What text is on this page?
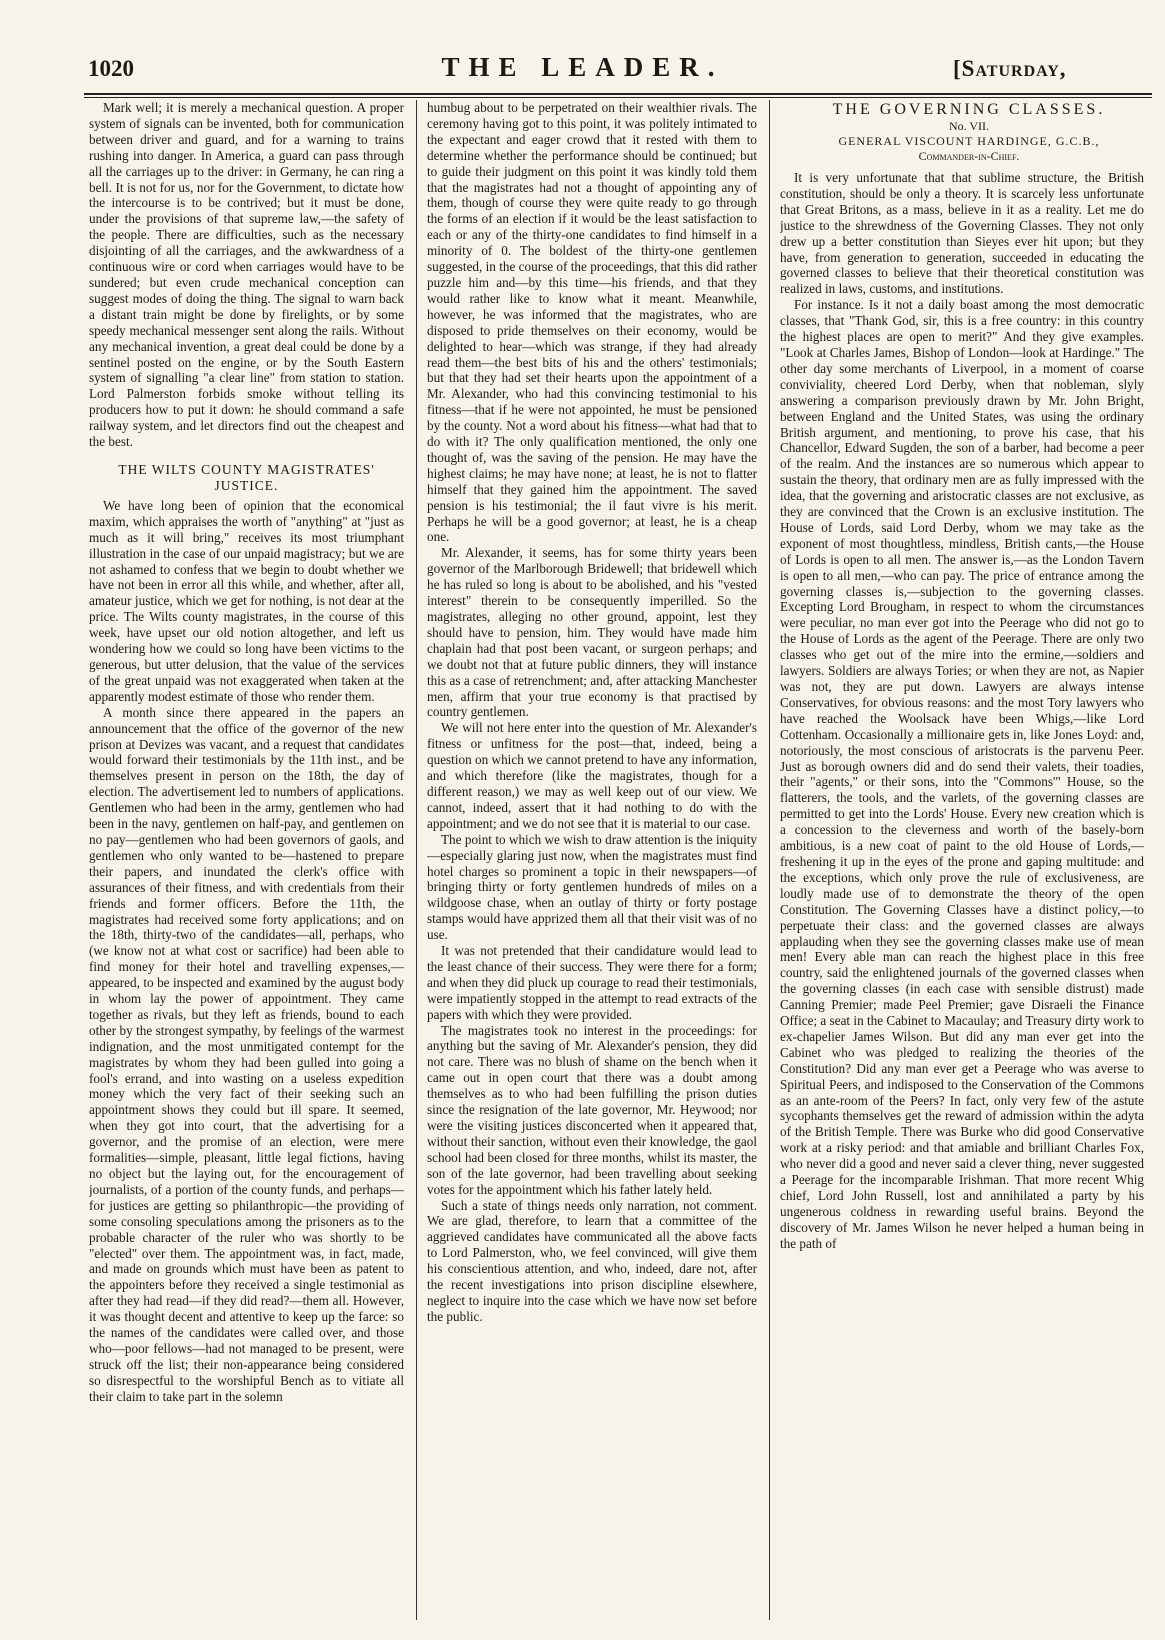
THE LEADER.
1020	[Saturday,

Mark well; it is merely a mechanical question. A proper system of signals can be invented, both for communication between driver and guard, and for a warning to trains rushing into danger. In America, a guard can pass through all the carriages up to the driver: in Germany, he can ring a bell. It is not for us, nor for the Government, to dictate how the intercourse is to be contrived; but it must be done, under the provisions of that supreme law,—the safety of the people. There are difficulties, such as the necessary disjointing of all the carriages, and the awkwardness of a continuous wire or cord when carriages would have to be sundered; but even crude mechanical conception can suggest modes of doing the thing. The signal to warn back a distant train might be done by firelights, or by some speedy mechanical messenger sent along the rails. Without any mechanical invention, a great deal could be done by a sentinel posted on the engine, or by the South Eastern system of signalling "a clear line" from station to station. Lord Palmerston forbids smoke without telling its producers how to put it down: he should command a safe railway system, and let directors find out the cheapest and the best.

THE WILTS COUNTY MAGISTRATES' JUSTICE.

We have long been of opinion that the economical maxim, which appraises the worth of "anything" at "just as much as it will bring," receives its most triumphant illustration in the case of our unpaid magistracy; but we are not ashamed to confess that we begin to doubt whether we have not been in error all this while, and whether, after all, amateur justice, which we get for nothing, is not dear at the price. The Wilts county magistrates, in the course of this week, have upset our old notion altogether, and left us wondering how we could so long have been victims to the generous, but utter delusion, that the value of the services of the great unpaid was not exaggerated when taken at the apparently modest estimate of those who render them.

A month since there appeared in the papers an announcement that the office of the governor of the new prison at Devizes was vacant, and a request that candidates would forward their testimonials by the 11th inst., and be themselves present in person on the 18th, the day of election. The advertisement led to numbers of applications. Gentlemen who had been in the army, gentlemen who had been in the navy, gentlemen on half-pay, and gentlemen on no pay—gentlemen who had been governors of gaols, and gentlemen who only wanted to be—hastened to prepare their papers, and inundated the clerk's office with assurances of their fitness, and with credentials from their friends and former officers. Before the 11th, the magistrates had received some forty applications; and on the 18th, thirty-two of the candidates—all, perhaps, who (we know not at what cost or sacrifice) had been able to find money for their hotel and travelling expenses,—appeared, to be inspected and examined by the august body in whom lay the power of appointment. They came together as rivals, but they left as friends, bound to each other by the strongest sympathy, by feelings of the warmest indignation, and the most unmitigated contempt for the magistrates by whom they had been gulled into going a fool's errand, and into wasting on a useless expedition money which the very fact of their seeking such an appointment shows they could but ill spare. It seemed, when they got into court, that the advertising for a governor, and the promise of an election, were mere formalities—simple, pleasant, little legal fictions, having no object but the laying out, for the encouragement of journalists, of a portion of the county funds, and perhaps—for justices are getting so philanthropic—the providing of some consoling speculations among the prisoners as to the probable character of the ruler who was shortly to be "elected" over them. The appointment was, in fact, made, and made on grounds which must have been as patent to the appointers before they received a single testimonial as after they had read—if they did read?—them all. However, it was thought decent and attentive to keep up the farce: so the names of the candidates were called over, and those who—poor fellows—had not managed to be present, were struck off the list; their non-appearance being considered so disrespectful to the worshipful Bench as to vitiate all their claim to take part in the solemn

humbug about to be perpetrated on their wealthier rivals. The ceremony having got to this point, it was politely intimated to the expectant and eager crowd that it rested with them to determine whether the performance should be continued; but to guide their judgment on this point it was kindly told them that the magistrates had not a thought of appointing any of them, though of course they were quite ready to go through the forms of an election if it would be the least satisfaction to each or any of the thirty-one candidates to find himself in a minority of 0. The boldest of the thirty-one gentlemen suggested, in the course of the proceedings, that this did rather puzzle him and—by this time—his friends, and that they would rather like to know what it meant. Meanwhile, however, he was informed that the magistrates, who are disposed to pride themselves on their economy, would be delighted to hear—which was strange, if they had already read them—the best bits of his and the others' testimonials; but that they had set their hearts upon the appointment of a Mr. Alexander, who had this convincing testimonial to his fitness—that if he were not appointed, he must be pensioned by the county. Not a word about his fitness—what had that to do with it? The only qualification mentioned, the only one thought of, was the saving of the pension. He may have the highest claims; he may have none; at least, he is not to flatter himself that they gained him the appointment. The saved pension is his testimonial; the il faut vivre is his merit. Perhaps he will be a good governor; at least, he is a cheap one.

Mr. Alexander, it seems, has for some thirty years been governor of the Marlborough Bridewell; that bridewell which he has ruled so long is about to be abolished, and his "vested interest" therein to be consequently imperilled. So the magistrates, alleging no other ground, appoint, lest they should have to pension, him. They would have made him chaplain had that post been vacant, or surgeon perhaps; and we doubt not that at future public dinners, they will instance this as a case of retrenchment; and, after attacking Manchester men, affirm that your true economy is that practised by country gentlemen.

We will not here enter into the question of Mr. Alexander's fitness or unfitness for the post—that, indeed, being a question on which we cannot pretend to have any information, and which therefore (like the magistrates, though for a different reason,) we may as well keep out of our view. We cannot, indeed, assert that it had nothing to do with the appointment; and we do not see that it is material to our case.

The point to which we wish to draw attention is the iniquity—especially glaring just now, when the magistrates must find hotel charges so prominent a topic in their newspapers—of bringing thirty or forty gentlemen hundreds of miles on a wildgoose chase, when an outlay of thirty or forty postage stamps would have apprized them all that their visit was of no use.

It was not pretended that their candidature would lead to the least chance of their success. They were there for a form; and when they did pluck up courage to read their testimonials, were impatiently stopped in the attempt to read extracts of the papers with which they were provided.

The magistrates took no interest in the proceedings: for anything but the saving of Mr. Alexander's pension, they did not care. There was no blush of shame on the bench when it came out in open court that there was a doubt among themselves as to who had been fulfilling the prison duties since the resignation of the late governor, Mr. Heywood; nor were the visiting justices disconcerted when it appeared that, without their sanction, without even their knowledge, the gaol school had been closed for three months, whilst its master, the son of the late governor, had been travelling about seeking votes for the appointment which his father lately held.

Such a state of things needs only narration, not comment. We are glad, therefore, to learn that a committee of the aggrieved candidates have communicated all the above facts to Lord Palmerston, who, we feel convinced, will give them his conscientious attention, and who, indeed, dare not, after the recent investigations into prison discipline elsewhere, neglect to inquire into the case which we have now set before the public.

THE GOVERNING CLASSES.

No. VII.

GENERAL VISCOUNT HARDINGE, G.C.B.,

Commander-in-Chief.

It is very unfortunate that that sublime structure, the British constitution, should be only a theory. It is scarcely less unfortunate that Great Britons, as a mass, believe in it as a reality. Let me do justice to the shrewdness of the Governing Classes. They not only drew up a better constitution than Sieyes ever hit upon; but they have, from generation to generation, succeeded in educating the governed classes to believe that their theoretical constitution was realized in laws, customs, and institutions.

For instance. Is it not a daily boast among the most democratic classes, that "Thank God, sir, this is a free country: in this country the highest places are open to merit?" And they give examples. "Look at Charles James, Bishop of London—look at Hardinge." The other day some merchants of Liverpool, in a moment of coarse conviviality, cheered Lord Derby, when that nobleman, slyly answering a comparison previously drawn by Mr. John Bright, between England and the United States, was using the ordinary British argument, and mentioning, to prove his case, that his Chancellor, Edward Sugden, the son of a barber, had become a peer of the realm. And the instances are so numerous which appear to sustain the theory, that ordinary men are as fully impressed with the idea, that the governing and aristocratic classes are not exclusive, as they are convinced that the Crown is an exclusive institution. The House of Lords, said Lord Derby, whom we may take as the exponent of most thoughtless, mindless, British cants,—the House of Lords is open to all men. The answer is,—as the London Tavern is open to all men,—who can pay. The price of entrance among the governing classes is,—subjection to the governing classes. Excepting Lord Brougham, in respect to whom the circumstances were peculiar, no man ever got into the Peerage who did not go to the House of Lords as the agent of the Peerage. There are only two classes who get out of the mire into the ermine,—soldiers and lawyers. Soldiers are always Tories; or when they are not, as Napier was not, they are put down. Lawyers are always intense Conservatives, for obvious reasons: and the most Tory lawyers who have reached the Woolsack have been Whigs,—like Lord Cottenham. Occasionally a millionaire gets in, like Jones Loyd: and, notoriously, the most conscious of aristocrats is the parvenu Peer. Just as borough owners did and do send their valets, their toadies, their "agents," or their sons, into the "Commons'" House, so the flatterers, the tools, and the varlets, of the governing classes are permitted to get into the Lords' House. Every new creation which is a concession to the cleverness and worth of the basely-born ambitious, is a new coat of paint to the old House of Lords,—freshening it up in the eyes of the prone and gaping multitude: and the exceptions, which only prove the rule of exclusiveness, are loudly made use of to demonstrate the theory of the open Constitution. The Governing Classes have a distinct policy,—to perpetuate their class: and the governed classes are always applauding when they see the governing classes make use of mean men! Every able man can reach the highest place in this free country, said the enlightened journals of the governed classes when the governing classes (in each case with sensible distrust) made Canning Premier; made Peel Premier; gave Disraeli the Finance Office; a seat in the Cabinet to Macaulay; and Treasury dirty work to ex-chapelier James Wilson. But did any man ever get into the Cabinet who was pledged to realizing the theories of the Constitution? Did any man ever get a Peerage who was averse to Spiritual Peers, and indisposed to the Conservation of the Commons as an ante-room of the Peers? In fact, only very few of the astute sycophants themselves get the reward of admission within the adyta of the British Temple. There was Burke who did good Conservative work at a risky period: and that amiable and brilliant Charles Fox, who never did a good and never said a clever thing, never suggested a Peerage for the incomparable Irishman. That more recent Whig chief, Lord John Russell, lost and annihilated a party by his ungenerous coldness in rewarding useful brains. Beyond the discovery of Mr. James Wilson he never helped a human being in the path of
